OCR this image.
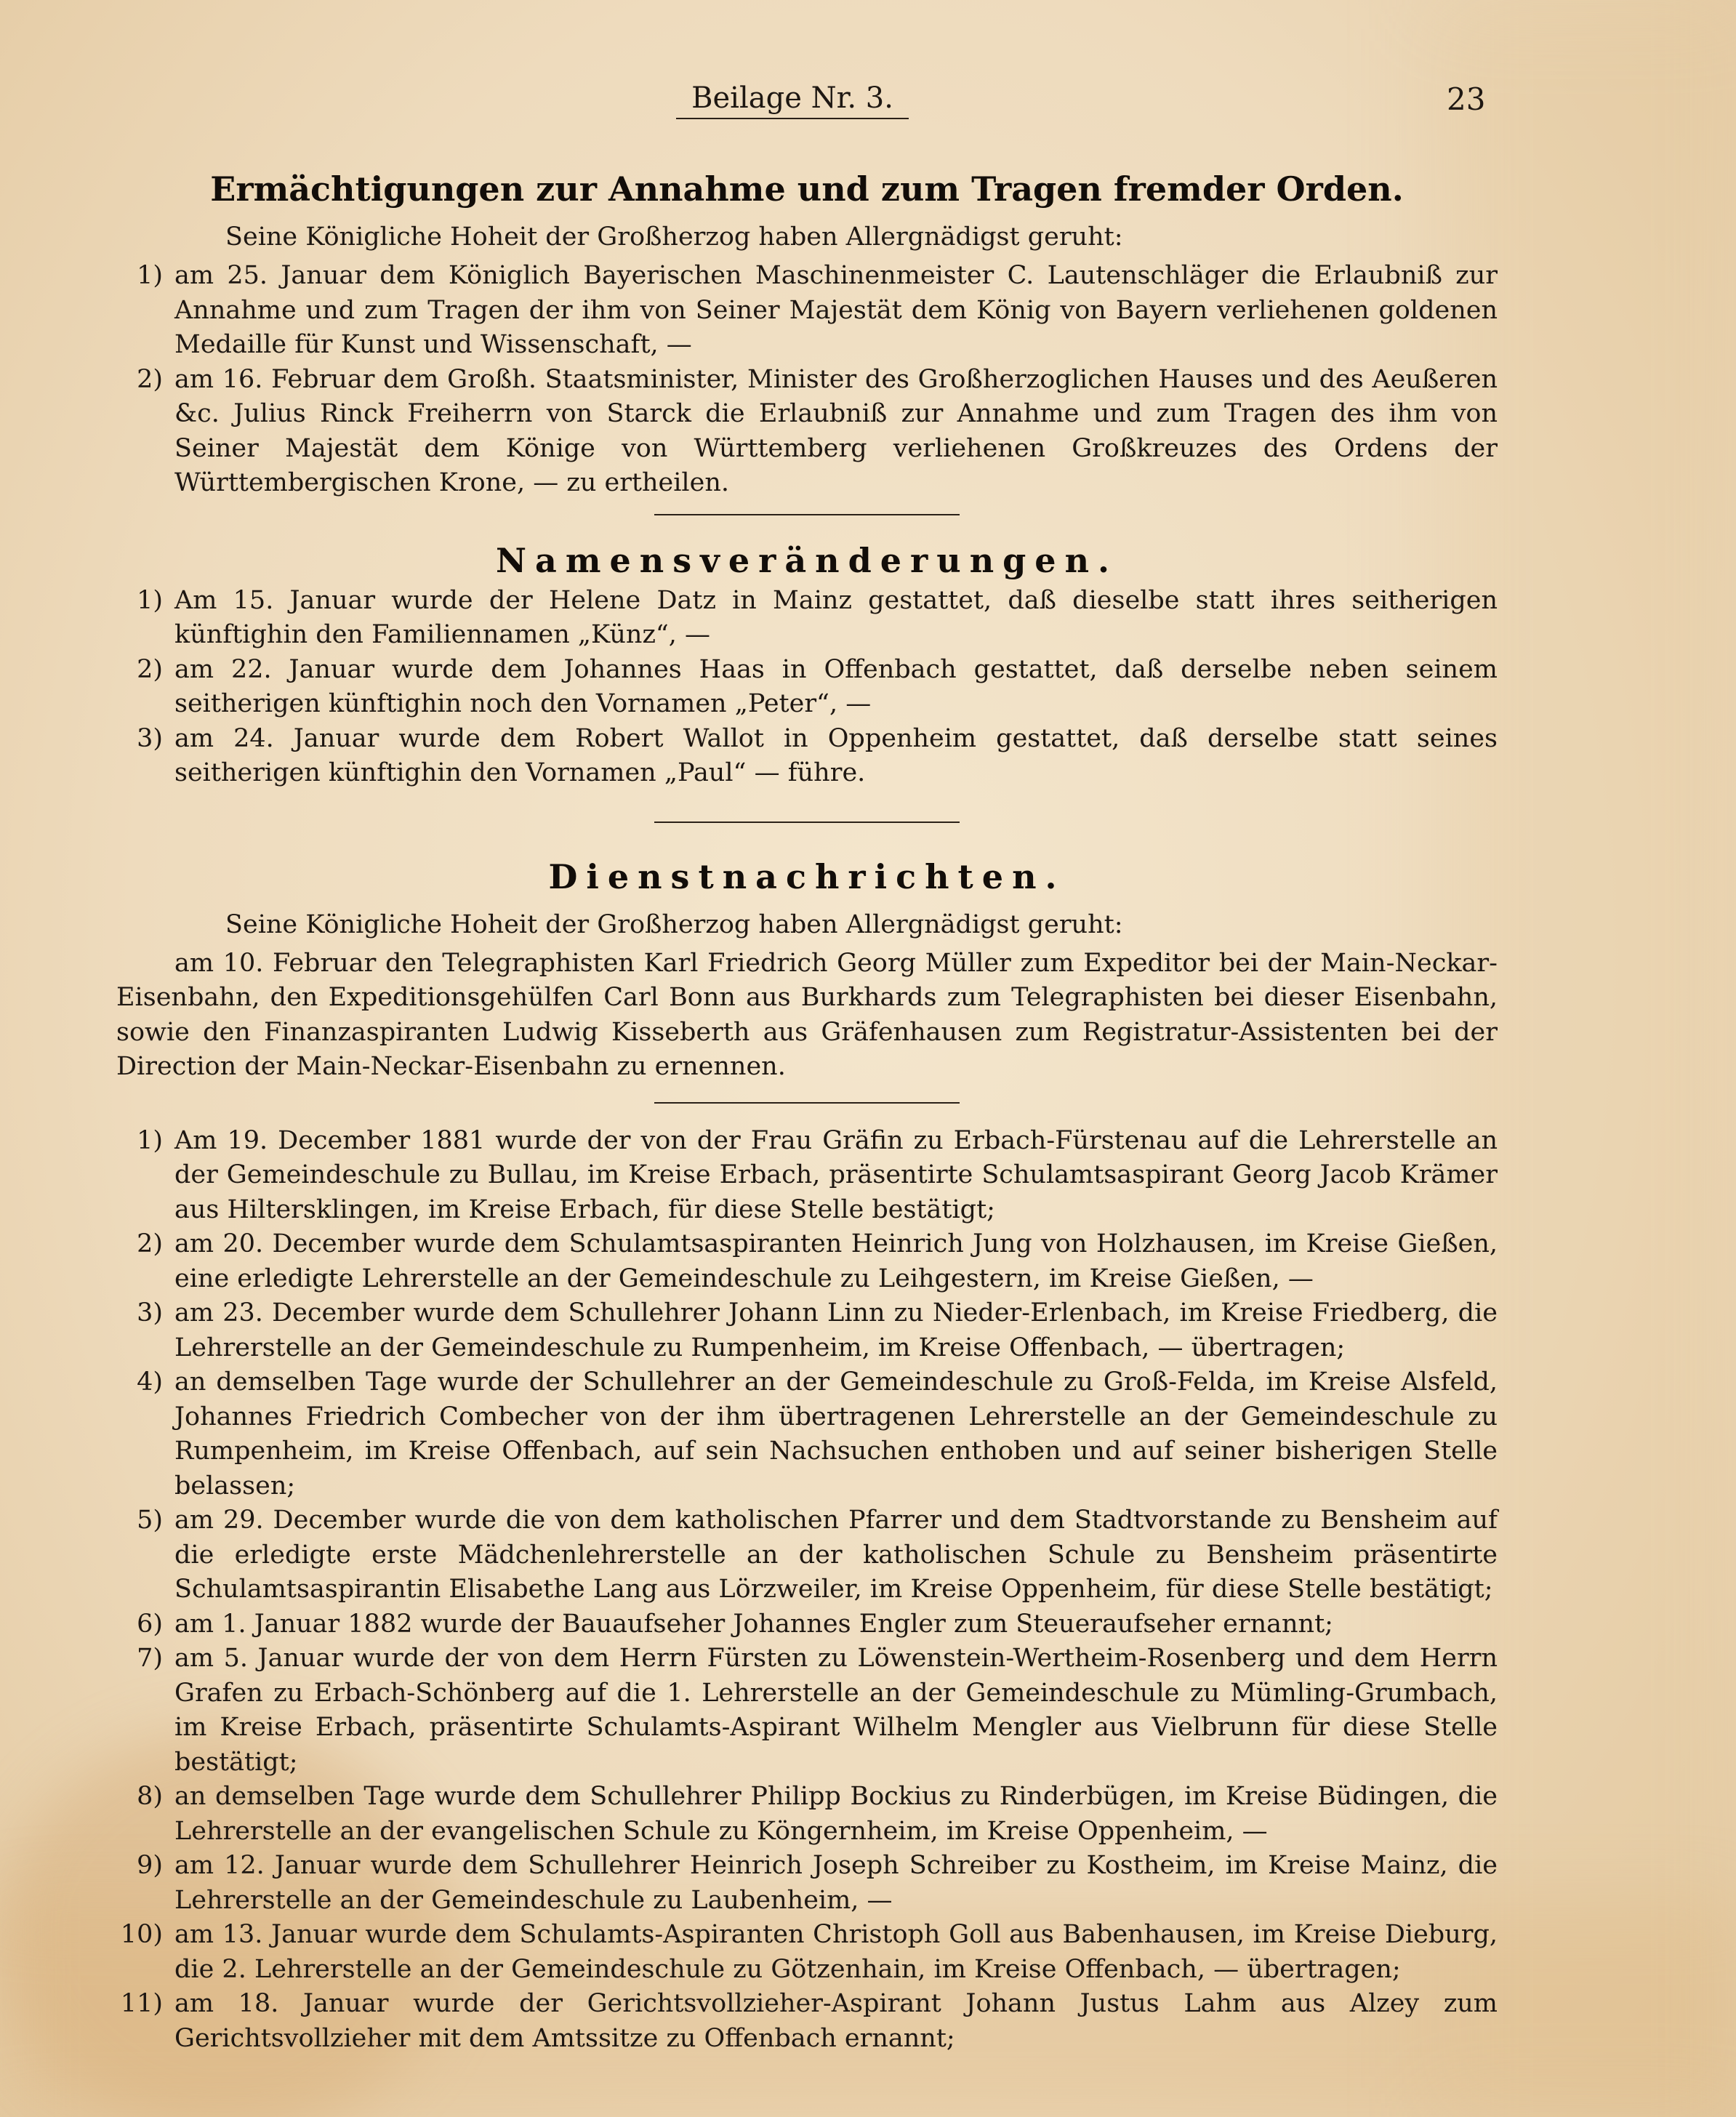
Beilage Nr. 3.	23
Ermächtigungen zur Annahme und zum Tragen fremder Orden.
Seine Königliche Hoheit der Großherzog haben Allergnädigst geruht:
1) am 25. Januar dem Königlich Bayerischen Maschinenmeister C. Lautenschläger die Erlaubniß zur Annahme und zum Tragen der ihm von Seiner Majestät dem König von Bayern verliehenen goldenen Medaille für Kunst und Wissenschaft, —
2) am 16. Februar dem Großh. Staatsminister, Minister des Großherzoglichen Hauses und des Aeußeren &c. Julius Rinck Freiherrn von Starck die Erlaubniß zur Annahme und zum Tragen des ihm von Seiner Majestät dem Könige von Württemberg verliehenen Großkreuzes des Ordens der Württembergischen Krone, — zu ertheilen.
Namensveränderungen.
1) Am 15. Januar wurde der Helene Datz in Mainz gestattet, daß dieselbe statt ihres seitherigen künftighin den Familiennamen „Künz“, —
2) am 22. Januar wurde dem Johannes Haas in Offenbach gestattet, daß derselbe neben seinem seitherigen künftighin noch den Vornamen „Peter“, —
3) am 24. Januar wurde dem Robert Wallot in Oppenheim gestattet, daß derselbe statt seines seitherigen künftighin den Vornamen „Paul“ — führe.
Dienstnachrichten.
Seine Königliche Hoheit der Großherzog haben Allergnädigst geruht:
am 10. Februar den Telegraphisten Karl Friedrich Georg Müller zum Expeditor bei der Main-Neckar-Eisenbahn, den Expeditionsgehülfen Carl Bonn aus Burkhards zum Telegraphisten bei dieser Eisenbahn, sowie den Finanzaspiranten Ludwig Kisseberth aus Gräfenhausen zum Registratur-Assistenten bei der Direction der Main-Neckar-Eisenbahn zu ernennen.
1) Am 19. December 1881 wurde der von der Frau Gräfin zu Erbach-Fürstenau auf die Lehrerstelle an der Gemeindeschule zu Bullau, im Kreise Erbach, präsentirte Schulamtsaspirant Georg Jacob Krämer aus Hiltersklingen, im Kreise Erbach, für diese Stelle bestätigt;
2) am 20. December wurde dem Schulamtsaspiranten Heinrich Jung von Holzhausen, im Kreise Gießen, eine erledigte Lehrerstelle an der Gemeindeschule zu Leihgestern, im Kreise Gießen, —
3) am 23. December wurde dem Schullehrer Johann Linn zu Nieder-Erlenbach, im Kreise Friedberg, die Lehrerstelle an der Gemeindeschule zu Rumpenheim, im Kreise Offenbach, — übertragen;
4) an demselben Tage wurde der Schullehrer an der Gemeindeschule zu Groß-Felda, im Kreise Alsfeld, Johannes Friedrich Combecher von der ihm übertragenen Lehrerstelle an der Gemeindeschule zu Rumpenheim, im Kreise Offenbach, auf sein Nachsuchen enthoben und auf seiner bisherigen Stelle belassen;
5) am 29. December wurde die von dem katholischen Pfarrer und dem Stadtvorstande zu Bensheim auf die erledigte erste Mädchenlehrerstelle an der katholischen Schule zu Bensheim präsentirte Schulamtsaspirantin Elisabethe Lang aus Lörzweiler, im Kreise Oppenheim, für diese Stelle bestätigt;
6) am 1. Januar 1882 wurde der Bauaufseher Johannes Engler zum Steueraufseher ernannt;
7) am 5. Januar wurde der von dem Herrn Fürsten zu Löwenstein-Wertheim-Rosenberg und dem Herrn Grafen zu Erbach-Schönberg auf die 1. Lehrerstelle an der Gemeindeschule zu Mümling-Grumbach, im Kreise Erbach, präsentirte Schulamts-Aspirant Wilhelm Mengler aus Vielbrunn für diese Stelle bestätigt;
8) an demselben Tage wurde dem Schullehrer Philipp Bockius zu Rinderbügen, im Kreise Büdingen, die Lehrerstelle an der evangelischen Schule zu Köngernheim, im Kreise Oppenheim, —
9) am 12. Januar wurde dem Schullehrer Heinrich Joseph Schreiber zu Kostheim, im Kreise Mainz, die Lehrerstelle an der Gemeindeschule zu Laubenheim, —
10) am 13. Januar wurde dem Schulamts-Aspiranten Christoph Goll aus Babenhausen, im Kreise Dieburg, die 2. Lehrerstelle an der Gemeindeschule zu Götzenhain, im Kreise Offenbach, — übertragen;
11) am 18. Januar wurde der Gerichtsvollzieher-Aspirant Johann Justus Lahm aus Alzey zum Gerichtsvollzieher mit dem Amtssitze zu Offenbach ernannt;
